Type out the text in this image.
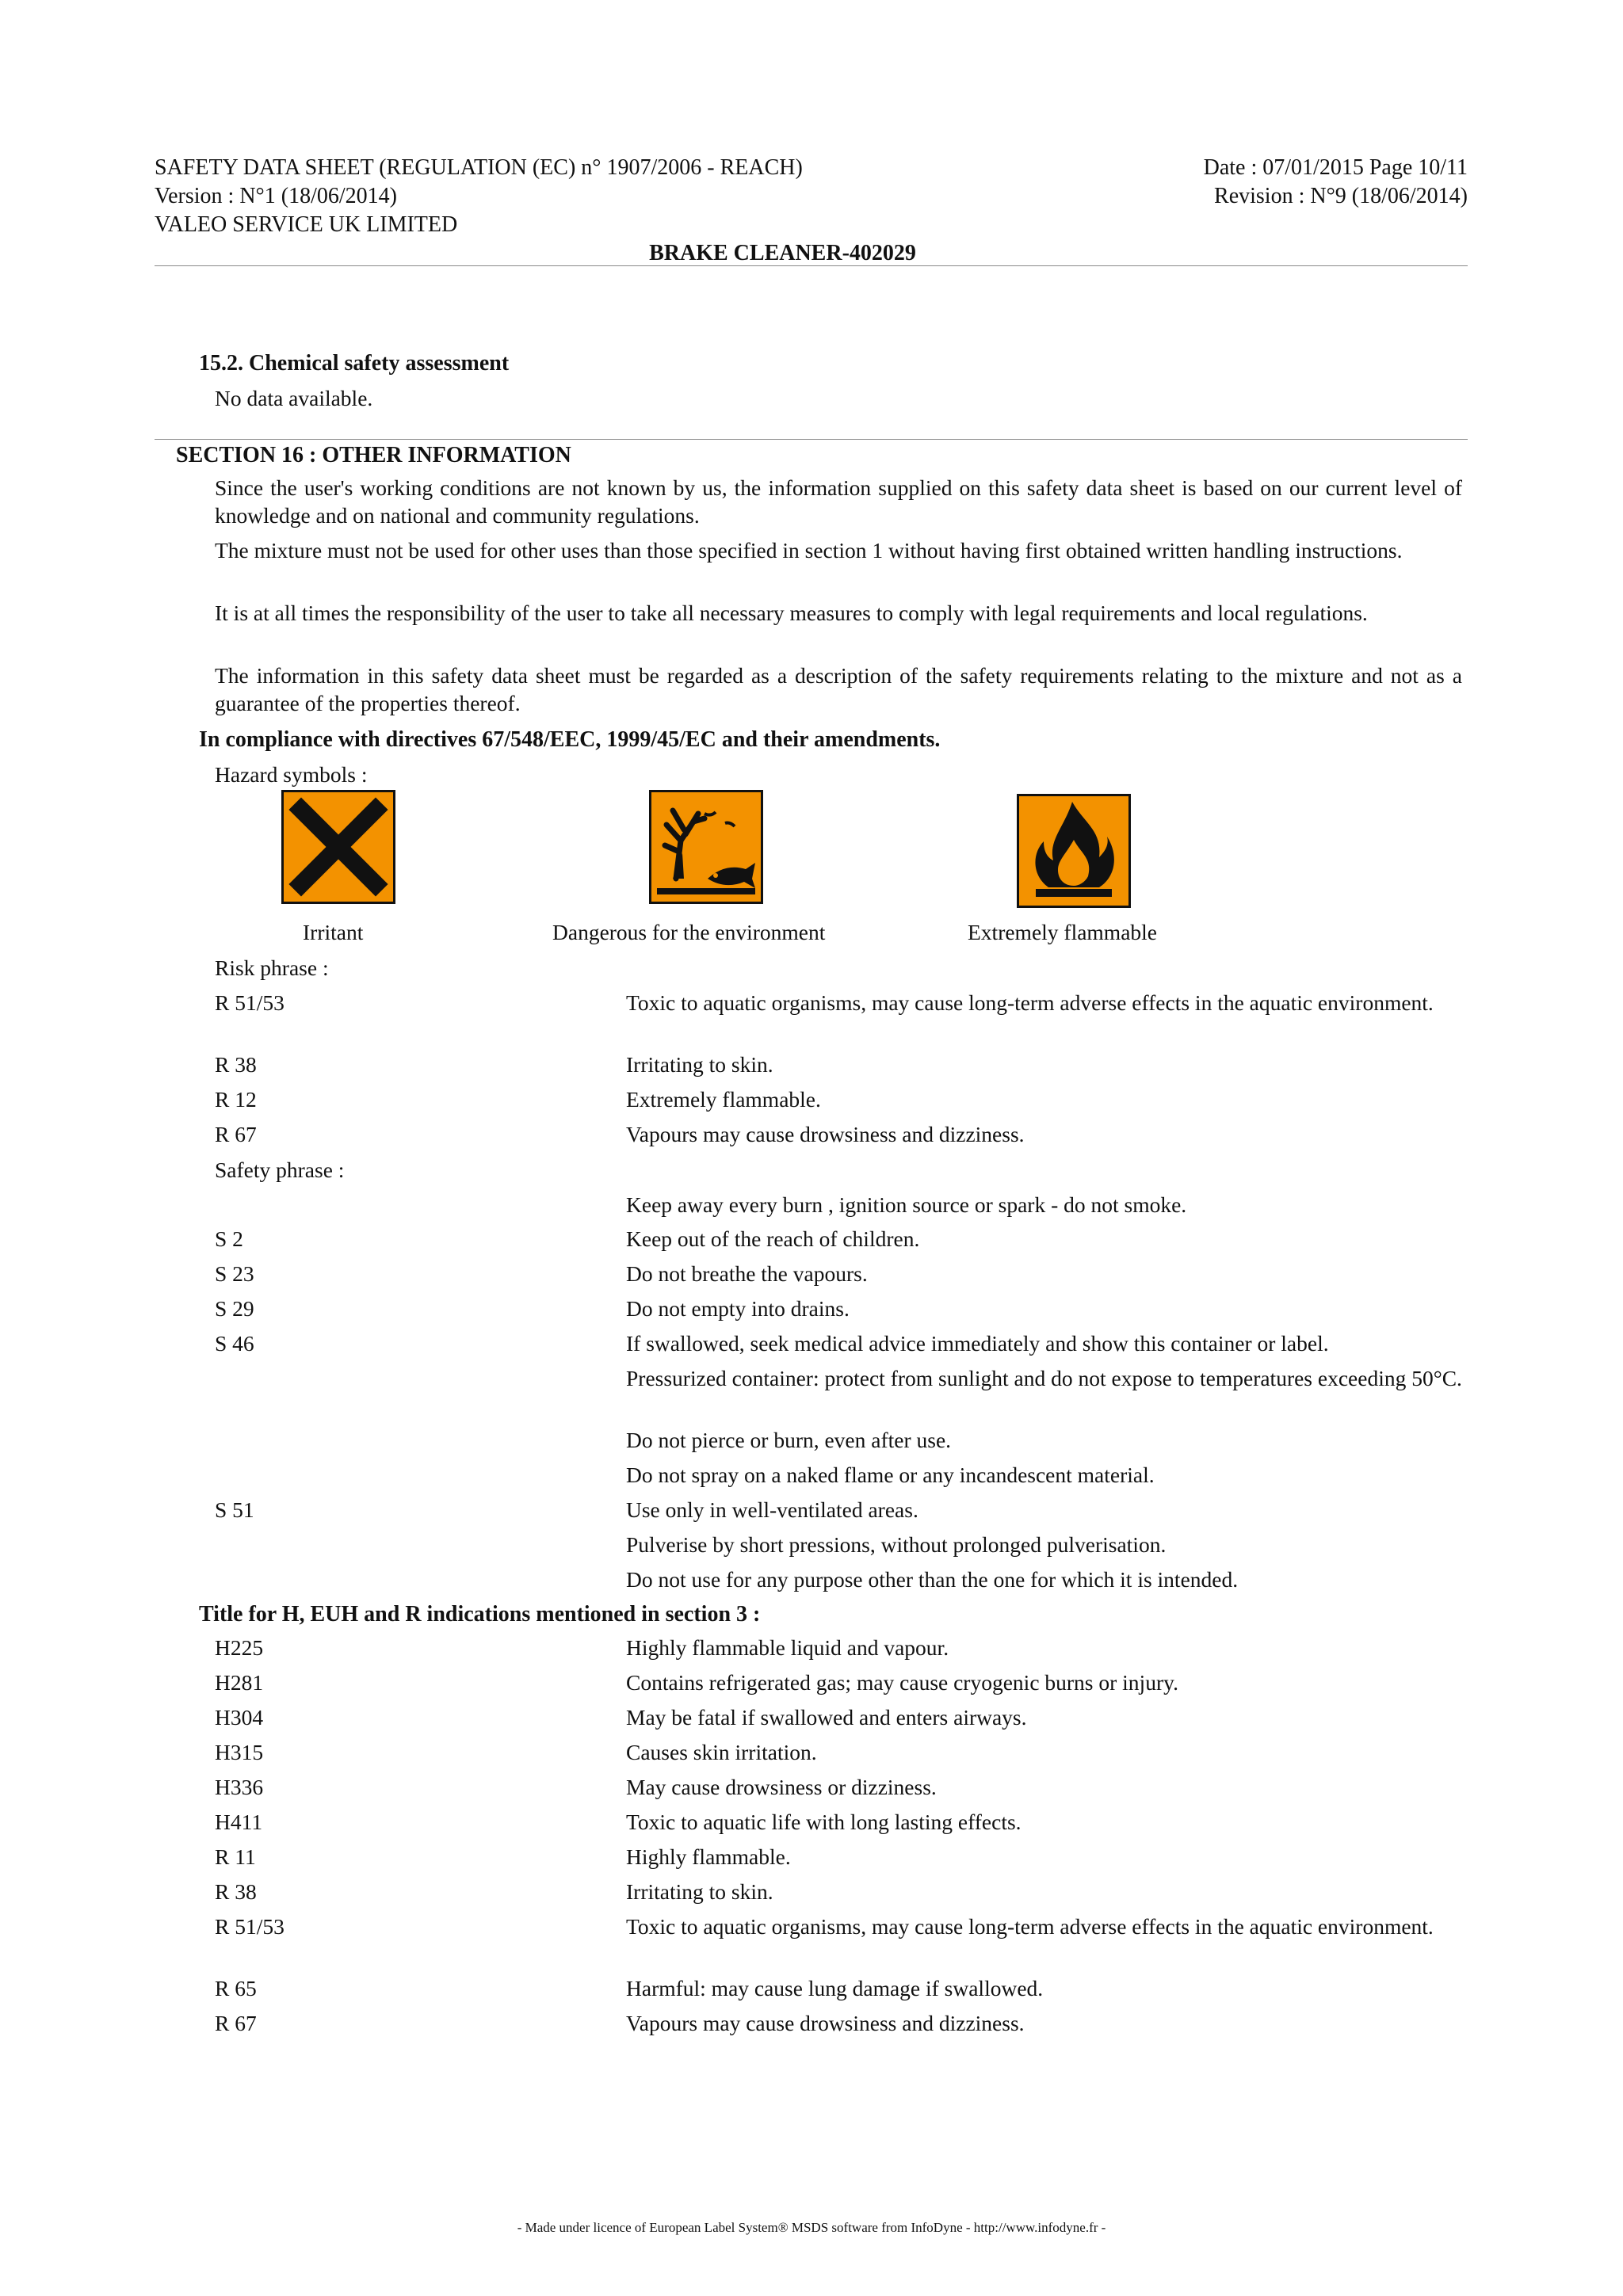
SAFETY DATA SHEET (REGULATION (EC) n° 1907/2006 - REACH)
Version : N°1 (18/06/2014)
VALEO SERVICE UK LIMITED
Date : 07/01/2015 Page 10/11
Revision : N°9 (18/06/2014)
BRAKE CLEANER-402029
15.2. Chemical safety assessment
No data available.
SECTION 16 : OTHER INFORMATION
Since the user's working conditions are not known by us, the information supplied on this safety data sheet is based on our current level of knowledge and on national and community regulations.
The mixture must not be used for other uses than those specified in section 1 without having first obtained written handling instructions.
It is at all times the responsibility of the user to take all necessary measures to comply with legal requirements and local regulations.
The information in this safety data sheet must be regarded as a description of the safety requirements relating to the mixture and not as a guarantee of the properties thereof.
In compliance with directives 67/548/EEC, 1999/45/EC and their amendments.
Hazard symbols :
Irritant	Dangerous for the environment	Extremely flammable
Risk phrase :
R 51/53	Toxic to aquatic organisms, may cause long-term adverse effects in the aquatic environment.
R 38	Irritating to skin.
R 12	Extremely flammable.
R 67	Vapours may cause drowsiness and dizziness.
Safety phrase :
Keep away every burn , ignition source or spark - do not smoke.
S 2	Keep out of the reach of children.
S 23	Do not breathe the vapours.
S 29	Do not empty into drains.
S 46	If swallowed, seek medical advice immediately and show this container or label.
Pressurized container: protect from sunlight and do not expose to temperatures exceeding 50°C.
Do not pierce or burn, even after use.
Do not spray on a naked flame or any incandescent material.
S 51	Use only in well-ventilated areas.
Pulverise by short pressions, without prolonged pulverisation.
Do not use for any purpose other than the one for which it is intended.
Title for H, EUH and R indications mentioned in section 3 :
H225	Highly flammable liquid and vapour.
H281	Contains refrigerated gas; may cause cryogenic burns or injury.
H304	May be fatal if swallowed and enters airways.
H315	Causes skin irritation.
H336	May cause drowsiness or dizziness.
H411	Toxic to aquatic life with long lasting effects.
R 11	Highly flammable.
R 38	Irritating to skin.
R 51/53	Toxic to aquatic organisms, may cause long-term adverse effects in the aquatic environment.
R 65	Harmful: may cause lung damage if swallowed.
R 67	Vapours may cause drowsiness and dizziness.
- Made under licence of European Label System® MSDS software from InfoDyne - http://www.infodyne.fr -
